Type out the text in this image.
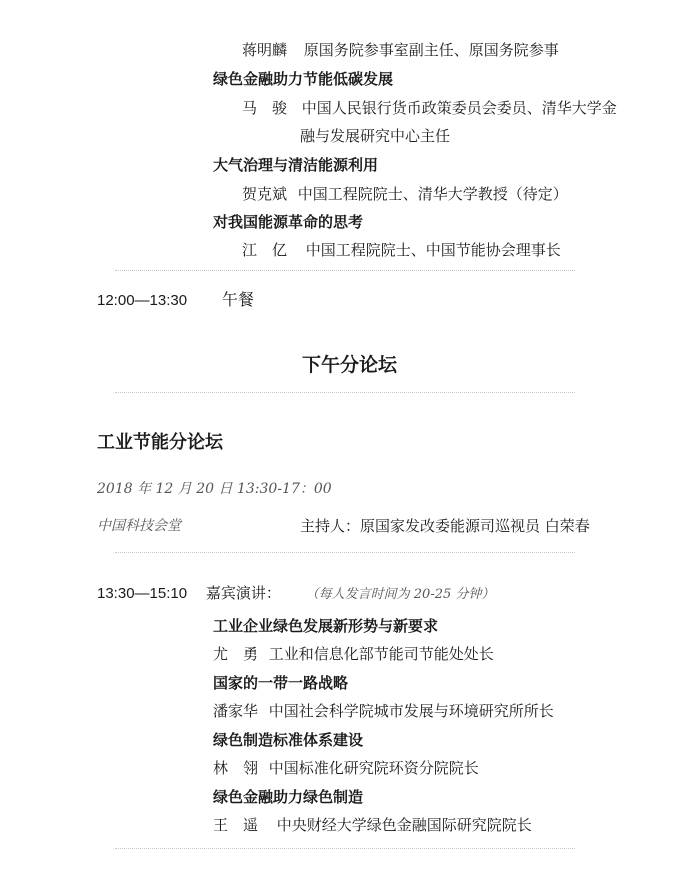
蒋明麟 原国务院参事室副主任、原国务院参事
绿色金融助力节能低碳发展
马　骏 中国人民银行货币政策委员会委员、清华大学金
融与发展研究中心主任
大气治理与清洁能源利用
贺克斌 中国工程院院士、清华大学教授（待定）
对我国能源革命的思考
江　亿 中国工程院院士、中国节能协会理事长
12:00—13:30 午餐
下午分论坛
工业节能分论坛
2018 年 12 月 20 日 13:30-17：00
中国科技会堂	主持人：原国家发改委能源司巡视员 白荣春
13:30—15:10 嘉宾演讲： （每人发言时间为 20-25 分钟）
工业企业绿色发展新形势与新要求
尤　勇 工业和信息化部节能司节能处处长
国家的一带一路战略
潘家华 中国社会科学院城市发展与环境研究所所长
绿色制造标准体系建设
林　翎 中国标准化研究院环资分院院长
绿色金融助力绿色制造
王　遥 中央财经大学绿色金融国际研究院院长
